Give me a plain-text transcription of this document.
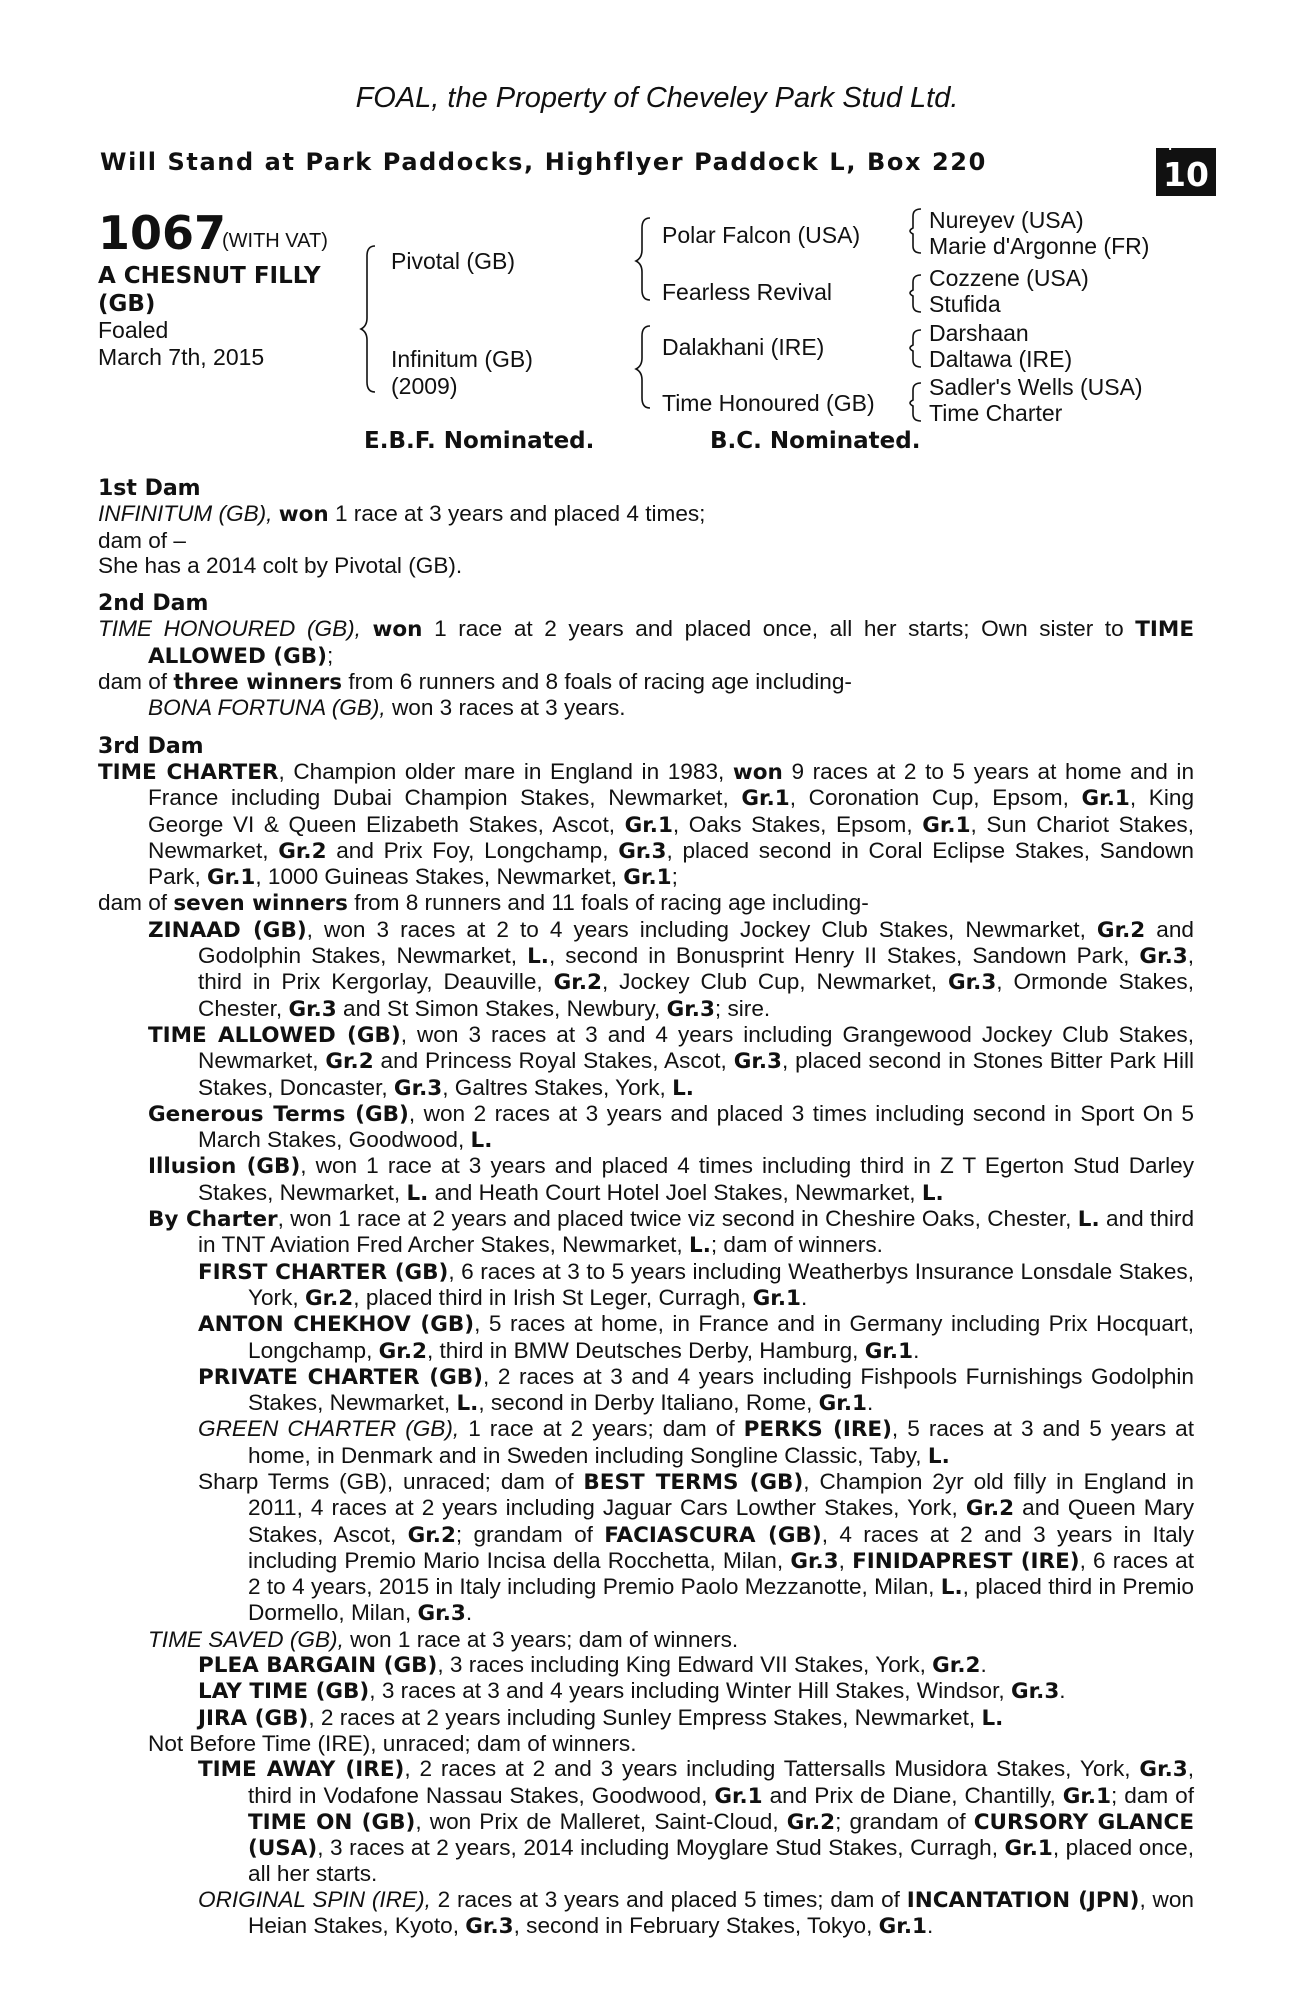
FOAL, the Property of Cheveley Park Stud Ltd.
Will Stand at Park Paddocks, Highflyer Paddock L, Box 220
+
10
1067
(WITH VAT)
A CHESNUT FILLY
(GB)
Foaled
March 7th, 2015
Pivotal (GB)
Infinitum (GB)
(2009)
Polar Falcon (USA)
Fearless Revival
Dalakhani (IRE)
Time Honoured (GB)
Nureyev (USA)
Marie d'Argonne (FR)
Cozzene (USA)
Stufida
Darshaan
Daltawa (IRE)
Sadler's Wells (USA)
Time Charter
E.B.F. Nominated.	B.C. Nominated.

1st Dam

INFINITUM (GB), won 1 race at 3 years and placed 4 times;

dam of –

She has a 2014 colt by Pivotal (GB).

2nd Dam

TIME HONOURED (GB), won 1 race at 2 years and placed once, all her starts; Own sister to TIME ALLOWED (GB);

dam of three winners from 6 runners and 8 foals of racing age including-

BONA FORTUNA (GB), won 3 races at 3 years.

3rd Dam

TIME CHARTER, Champion older mare in England in 1983, won 9 races at 2 to 5 years at home and in France including Dubai Champion Stakes, Newmarket, Gr.1, Coronation Cup, Epsom, Gr.1, King George VI & Queen Elizabeth Stakes, Ascot, Gr.1, Oaks Stakes, Epsom, Gr.1, Sun Chariot Stakes, Newmarket, Gr.2 and Prix Foy, Longchamp, Gr.3, placed second in Coral Eclipse Stakes, Sandown Park, Gr.1, 1000 Guineas Stakes, Newmarket, Gr.1;

dam of seven winners from 8 runners and 11 foals of racing age including-

ZINAAD (GB), won 3 races at 2 to 4 years including Jockey Club Stakes, Newmarket, Gr.2 and Godolphin Stakes, Newmarket, L., second in Bonusprint Henry II Stakes, Sandown Park, Gr.3, third in Prix Kergorlay, Deauville, Gr.2, Jockey Club Cup, Newmarket, Gr.3, Ormonde Stakes, Chester, Gr.3 and St Simon Stakes, Newbury, Gr.3; sire.

TIME ALLOWED (GB), won 3 races at 3 and 4 years including Grangewood Jockey Club Stakes, Newmarket, Gr.2 and Princess Royal Stakes, Ascot, Gr.3, placed second in Stones Bitter Park Hill Stakes, Doncaster, Gr.3, Galtres Stakes, York, L.

Generous Terms (GB), won 2 races at 3 years and placed 3 times including second in Sport On 5 March Stakes, Goodwood, L.

Illusion (GB), won 1 race at 3 years and placed 4 times including third in Z T Egerton Stud Darley Stakes, Newmarket, L. and Heath Court Hotel Joel Stakes, Newmarket, L.

By Charter, won 1 race at 2 years and placed twice viz second in Cheshire Oaks, Chester, L. and third in TNT Aviation Fred Archer Stakes, Newmarket, L.; dam of winners.

FIRST CHARTER (GB), 6 races at 3 to 5 years including Weatherbys Insurance Lonsdale Stakes, York, Gr.2, placed third in Irish St Leger, Curragh, Gr.1.

ANTON CHEKHOV (GB), 5 races at home, in France and in Germany including Prix Hocquart, Longchamp, Gr.2, third in BMW Deutsches Derby, Hamburg, Gr.1.

PRIVATE CHARTER (GB), 2 races at 3 and 4 years including Fishpools Furnishings Godolphin Stakes, Newmarket, L., second in Derby Italiano, Rome, Gr.1.

GREEN CHARTER (GB), 1 race at 2 years; dam of PERKS (IRE), 5 races at 3 and 5 years at home, in Denmark and in Sweden including Songline Classic, Taby, L.

Sharp Terms (GB), unraced; dam of BEST TERMS (GB), Champion 2yr old filly in England in 2011, 4 races at 2 years including Jaguar Cars Lowther Stakes, York, Gr.2 and Queen Mary Stakes, Ascot, Gr.2; grandam of FACIASCURA (GB), 4 races at 2 and 3 years in Italy including Premio Mario Incisa della Rocchetta, Milan, Gr.3, FINIDAPREST (IRE), 6 races at 2 to 4 years, 2015 in Italy including Premio Paolo Mezzanotte, Milan, L., placed third in Premio Dormello, Milan, Gr.3.

TIME SAVED (GB), won 1 race at 3 years; dam of winners.

PLEA BARGAIN (GB), 3 races including King Edward VII Stakes, York, Gr.2.

LAY TIME (GB), 3 races at 3 and 4 years including Winter Hill Stakes, Windsor, Gr.3.

JIRA (GB), 2 races at 2 years including Sunley Empress Stakes, Newmarket, L.

Not Before Time (IRE), unraced; dam of winners.

TIME AWAY (IRE), 2 races at 2 and 3 years including Tattersalls Musidora Stakes, York, Gr.3, third in Vodafone Nassau Stakes, Goodwood, Gr.1 and Prix de Diane, Chantilly, Gr.1; dam of TIME ON (GB), won Prix de Malleret, Saint-Cloud, Gr.2; grandam of CURSORY GLANCE (USA), 3 races at 2 years, 2014 including Moyglare Stud Stakes, Curragh, Gr.1, placed once, all her starts.

ORIGINAL SPIN (IRE), 2 races at 3 years and placed 5 times; dam of INCANTATION (JPN), won Heian Stakes, Kyoto, Gr.3, second in February Stakes, Tokyo, Gr.1.
